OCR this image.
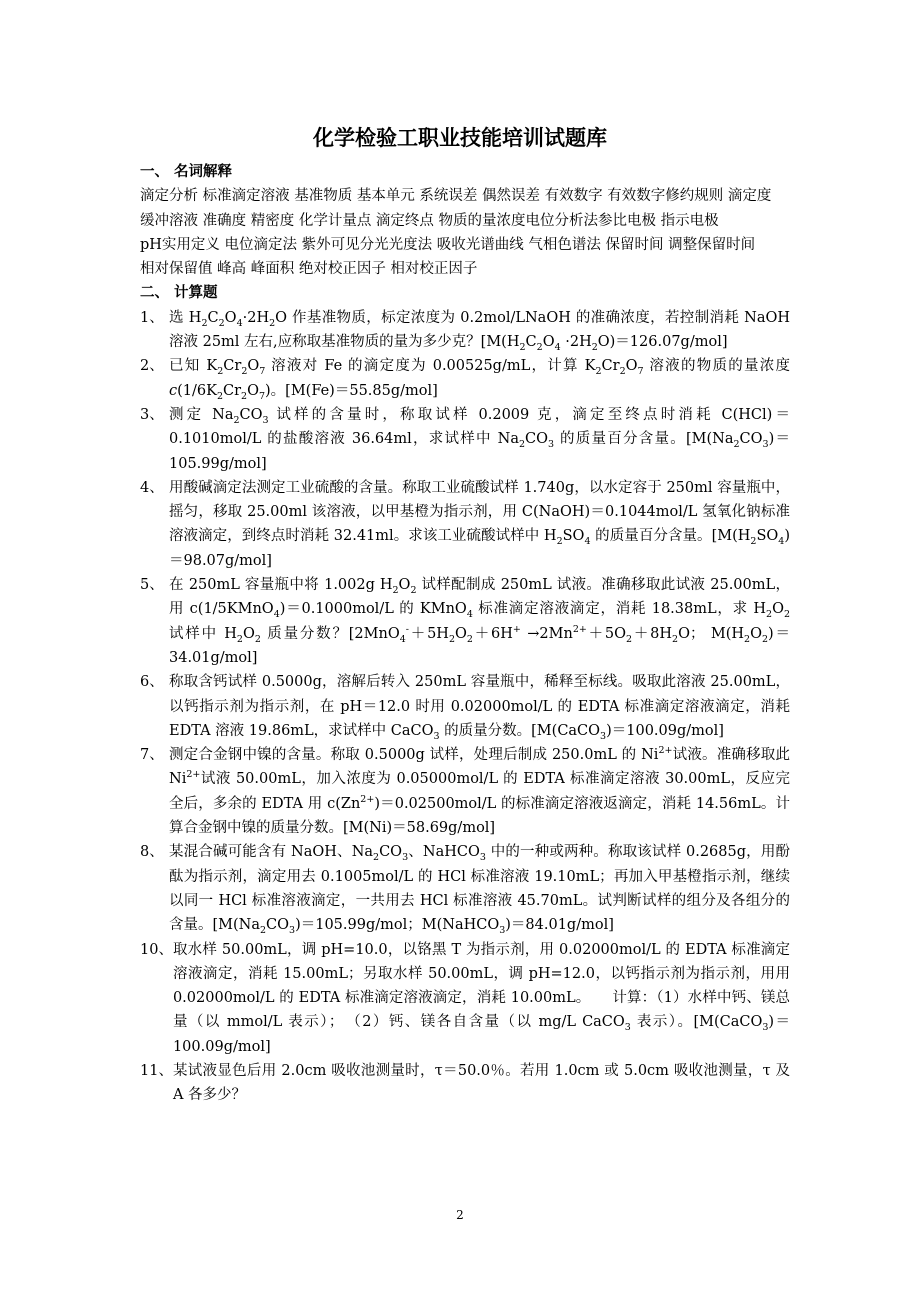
化学检验工职业技能培训试题库
一、 名词解释

滴定分析 标准滴定溶液 基准物质 基本单元 系统误差 偶然误差 有效数字 有效数字修约规则 滴定度 缓冲溶液 准确度 精密度 化学计量点 滴定终点 物质的量浓度电位分析法参比电极 指示电极

pH实用定义 电位滴定法 紫外可见分光光度法 吸收光谱曲线 气相色谱法 保留时间 调整保留时间

相对保留值 峰高 峰面积 绝对校正因子 相对校正因子

二、 计算题
1、 选 $H_2C_2O_4\cdot 2H_2O$ 作基准物质，标定浓度为 0.2mol/LNaOH 的准确浓度，若控制消耗 NaOH 溶液 25ml 左右,应称取基准物质的量为多少克？$[M(H_2C_2O_4 \cdot 2H_2O)=126.07g/mol]$
2、 已知 $K_2Cr_2O_7$ 溶液对 Fe 的滴定度为 0.00525g/mL，计算 $K_2Cr_2O_7$ 溶液的物质的量浓度 $c(1/6K_2Cr_2O_7)$。[M(Fe)＝55.85g/mol]
3、 测定 $Na_2CO_3$ 试样的含量时，称取试样 0.2009 克，滴定至终点时消耗 C(HCl)＝0.1010mol/L 的盐酸溶液 36.64ml，求试样中 $Na_2CO_3$ 的质量百分含量。$[M(Na_2CO_3)=105.99g/mol]$
4、 用酸碱滴定法测定工业硫酸的含量。称取工业硫酸试样 1.740g，以水定容于 250ml 容量瓶中，摇匀，移取 25.00ml 该溶液，以甲基橙为指示剂，用 C(NaOH)＝0.1044mol/L 氢氧化钠标准溶液滴定，到终点时消耗 32.41ml。求该工业硫酸试样中 $H_2SO_4$ 的质量百分含量。$[M(H_2SO_4)=98.07g/mol]$
5、 在 250mL 容量瓶中将 1.002g $H_2O_2$ 试样配制成 250mL 试液。准确移取此试液 25.00mL，用 c(1/5KMnO$_4$)＝0.1000mol/L 的 KMnO$_4$ 标准滴定溶液滴定，消耗 18.38mL，求 $H_2O_2$ 试样中 $H_2O_2$ 质量分数？[$2MnO_4^-+5H_2O_2+6H^+ \to 2Mn^{2+}+5O_2+8H_2O$； $M(H_2O_2)=34.01g/mol$]
6、 称取含钙试样 0.5000g，溶解后转入 250mL 容量瓶中，稀释至标线。吸取此溶液 25.00mL，以钙指示剂为指示剂，在 pH＝12.0 时用 0.02000mol/L 的 EDTA 标准滴定溶液滴定，消耗 EDTA 溶液 19.86mL，求试样中 CaCO$_3$ 的质量分数。[M(CaCO$_3$)＝100.09g/mol]
7、 测定合金钢中镍的含量。称取 0.5000g 试样，处理后制成 250.0mL 的 $Ni^{2+}$试液。准确移取此 $Ni^{2+}$试液 50.00mL，加入浓度为 0.05000mol/L 的 EDTA 标准滴定溶液 30.00mL，反应完全后，多余的 EDTA 用 $c(Zn^{2+})=0.02500mol/L$ 的标准滴定溶液返滴定，消耗 14.56mL。计算合金钢中镍的质量分数。[M(Ni)＝58.69g/mol]
8、 某混合碱可能含有 NaOH、$Na_2CO_3$、NaHCO$_3$ 中的一种或两种。称取该试样 0.2685g，用酚酞为指示剂，滴定用去 0.1005mol/L 的 HCl 标准溶液 19.10mL；再加入甲基橙指示剂，继续以同一 HCl 标准溶液滴定，一共用去 HCl 标准溶液 45.70mL。试判断试样的组分及各组分的含量。[$M(Na_2CO_3)=105.99g$/mol；M(NaHCO$_3$)＝84.01g/mol]
10、 取水样 50.00mL，调 pH=10.0，以铬黑 T 为指示剂，用 0.02000mol/L 的 EDTA 标准滴定溶液滴定，消耗 15.00mL；另取水样 50.00mL，调 pH=12.0，以钙指示剂为指示剂，用用 0.02000mol/L 的 EDTA 标准滴定溶液滴定，消耗 10.00mL。　　计算：（1）水样中钙、镁总量（以 mmol/L 表示）；　（2）钙、镁各自含量（以 mg/L CaCO$_3$ 表示）。[M(CaCO$_3$)＝100.09g/mol]
11、 某试液显色后用 2.0cm 吸收池测量时，τ＝50.0％。若用 1.0cm 或 5.0cm 吸收池测量，τ 及 A 各多少？
2
